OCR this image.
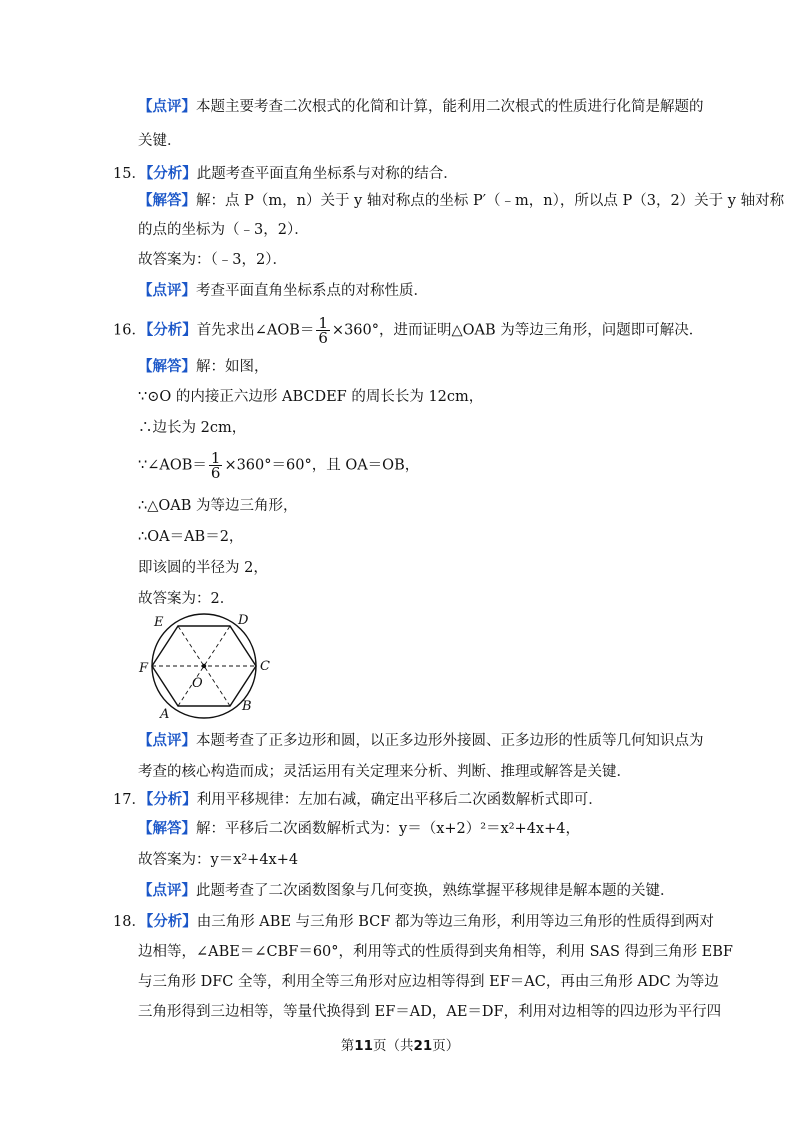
【点评】本题主要考查二次根式的化简和计算，能利用二次根式的性质进行化简是解题的
关键．
15．【分析】此题考查平面直角坐标系与对称的结合．
【解答】解：点 P（m，n）关于 y 轴对称点的坐标 P′（﹣m，n），所以点 P（3，2）关于 y 轴对称
的点的坐标为（﹣3，2）．
故答案为：（﹣3，2）．
【点评】考查平面直角坐标系点的对称性质．
16．【分析】首先求出∠AOB＝ $\frac{1}{6} \times 360^\circ$，进而证明△OAB 为等边三角形，问题即可解决．
【解答】解：如图，
∵⊙O 的内接正六边形 ABCDEF 的周长长为 12cm，
∴边长为 2cm，
∵∠AOB＝ $\frac{1}{6} \times 360^\circ=60^\circ$，且 OA＝OB，
∴△OAB 为等边三角形，
∴OA＝AB＝2，
即该圆的半径为 2，
故答案为：2．
A
B
C
D
E
F
O
【点评】本题考查了正多边形和圆，以正多边形外接圆、正多边形的性质等几何知识点为
考查的核心构造而成；灵活运用有关定理来分析、判断、推理或解答是关键．
17．【分析】利用平移规律：左加右减，确定出平移后二次函数解析式即可．
【解答】解：平移后二次函数解析式为：y＝（x+2）²＝x²+4x+4，
故答案为：y＝x²+4x+4
【点评】此题考查了二次函数图象与几何变换，熟练掌握平移规律是解本题的关键．
18．【分析】由三角形 ABE 与三角形 BCF 都为等边三角形，利用等边三角形的性质得到两对
边相等，∠ABE＝∠CBF＝60°，利用等式的性质得到夹角相等，利用 SAS 得到三角形 EBF
与三角形 DFC 全等，利用全等三角形对应边相等得到 EF＝AC，再由三角形 ADC 为等边
三角形得到三边相等，等量代换得到 EF＝AD，AE＝DF，利用对边相等的四边形为平行四
第11页（共21页）
